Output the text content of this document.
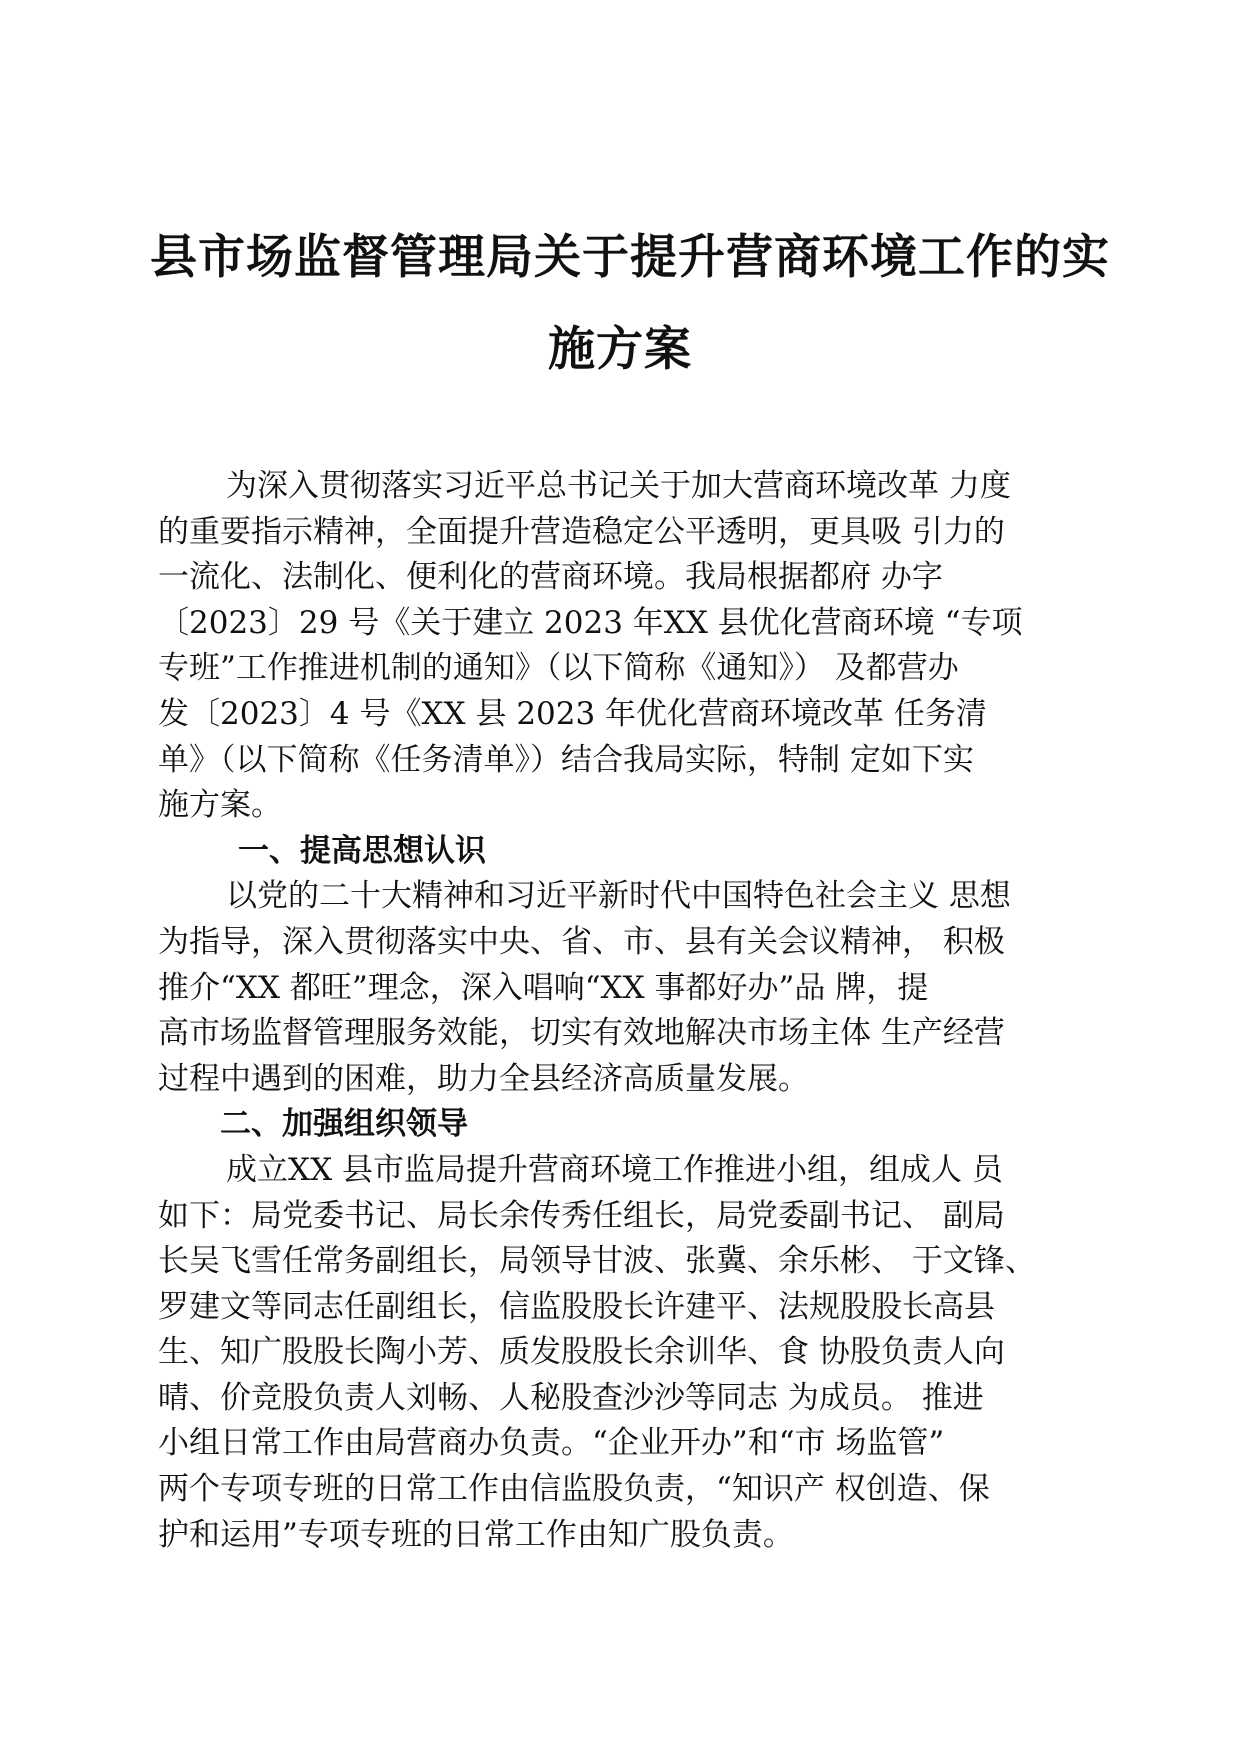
县市场监督管理局关于提升营商环境工作的实
施方案
为深入贯彻落实习近平总书记关于加大营商环境改革 力度
的重要指示精神，全面提升营造稳定公平透明，更具吸 引力的
一流化、法制化、便利化的营商环境。我局根据都府 办字
〔2023〕29 号《关于建立 2023 年XX 县优化营商环境 “专项
专班”工作推进机制的通知》（以下简称《通知》） 及都营办
发〔2023〕4 号《XX 县 2023 年优化营商环境改革 任务清
单》（以下简称《任务清单》）结合我局实际，特制 定如下实
施方案。
一、提高思想认识
以党的二十大精神和习近平新时代中国特色社会主义 思想
为指导，深入贯彻落实中央、省、市、县有关会议精神， 积极
推介“XX 都旺”理念，深入唱响“XX 事都好办”品 牌，提
高市场监督管理服务效能，切实有效地解决市场主体 生产经营
过程中遇到的困难，助力全县经济高质量发展。
二、加强组织领导
成立XX 县市监局提升营商环境工作推进小组，组成人 员
如下：局党委书记、局长余传秀任组长，局党委副书记、 副局
长吴飞雪任常务副组长，局领导甘波、张冀、余乐彬、 于文锋、
罗建文等同志任副组长，信监股股长许建平、法规股股长高县
生、知广股股长陶小芳、质发股股长余训华、食 协股负责人向
晴、价竞股负责人刘畅、人秘股查沙沙等同志 为成员。 推进
小组日常工作由局营商办负责。“企业开办”和“市 场监管”
两个专项专班的日常工作由信监股负责，“知识产 权创造、保
护和运用”专项专班的日常工作由知广股负责。
